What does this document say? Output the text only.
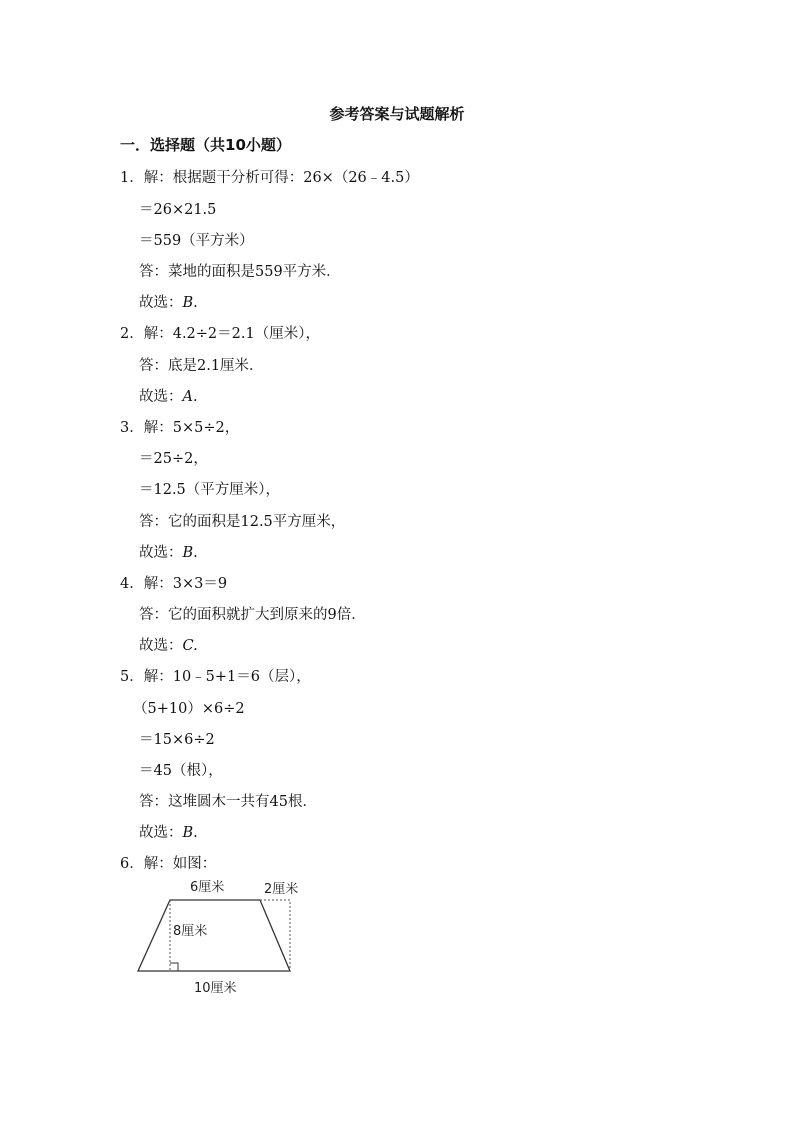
参考答案与试题解析
一．选择题（共10小题）
1．解：根据题干分析可得：26×（26﹣4.5）
＝26×21.5
＝559（平方米）
答：菜地的面积是559平方米．
故选：B.
2．解：4.2÷2＝2.1（厘米），
答：底是2.1厘米．
故选：A.
3．解：5×5÷2，
＝25÷2，
＝12.5（平方厘米），
答：它的面积是12.5平方厘米，
故选：B.
4．解：3×3＝9
答：它的面积就扩大到原来的9倍．
故选：C.
5．解：10﹣5+1＝6（层），
（5+10）×6÷2
＝15×6÷2
＝45（根），
答：这堆圆木一共有45根．
故选：B.
6．解：如图：
6厘米	2厘米
8厘米
10厘米
